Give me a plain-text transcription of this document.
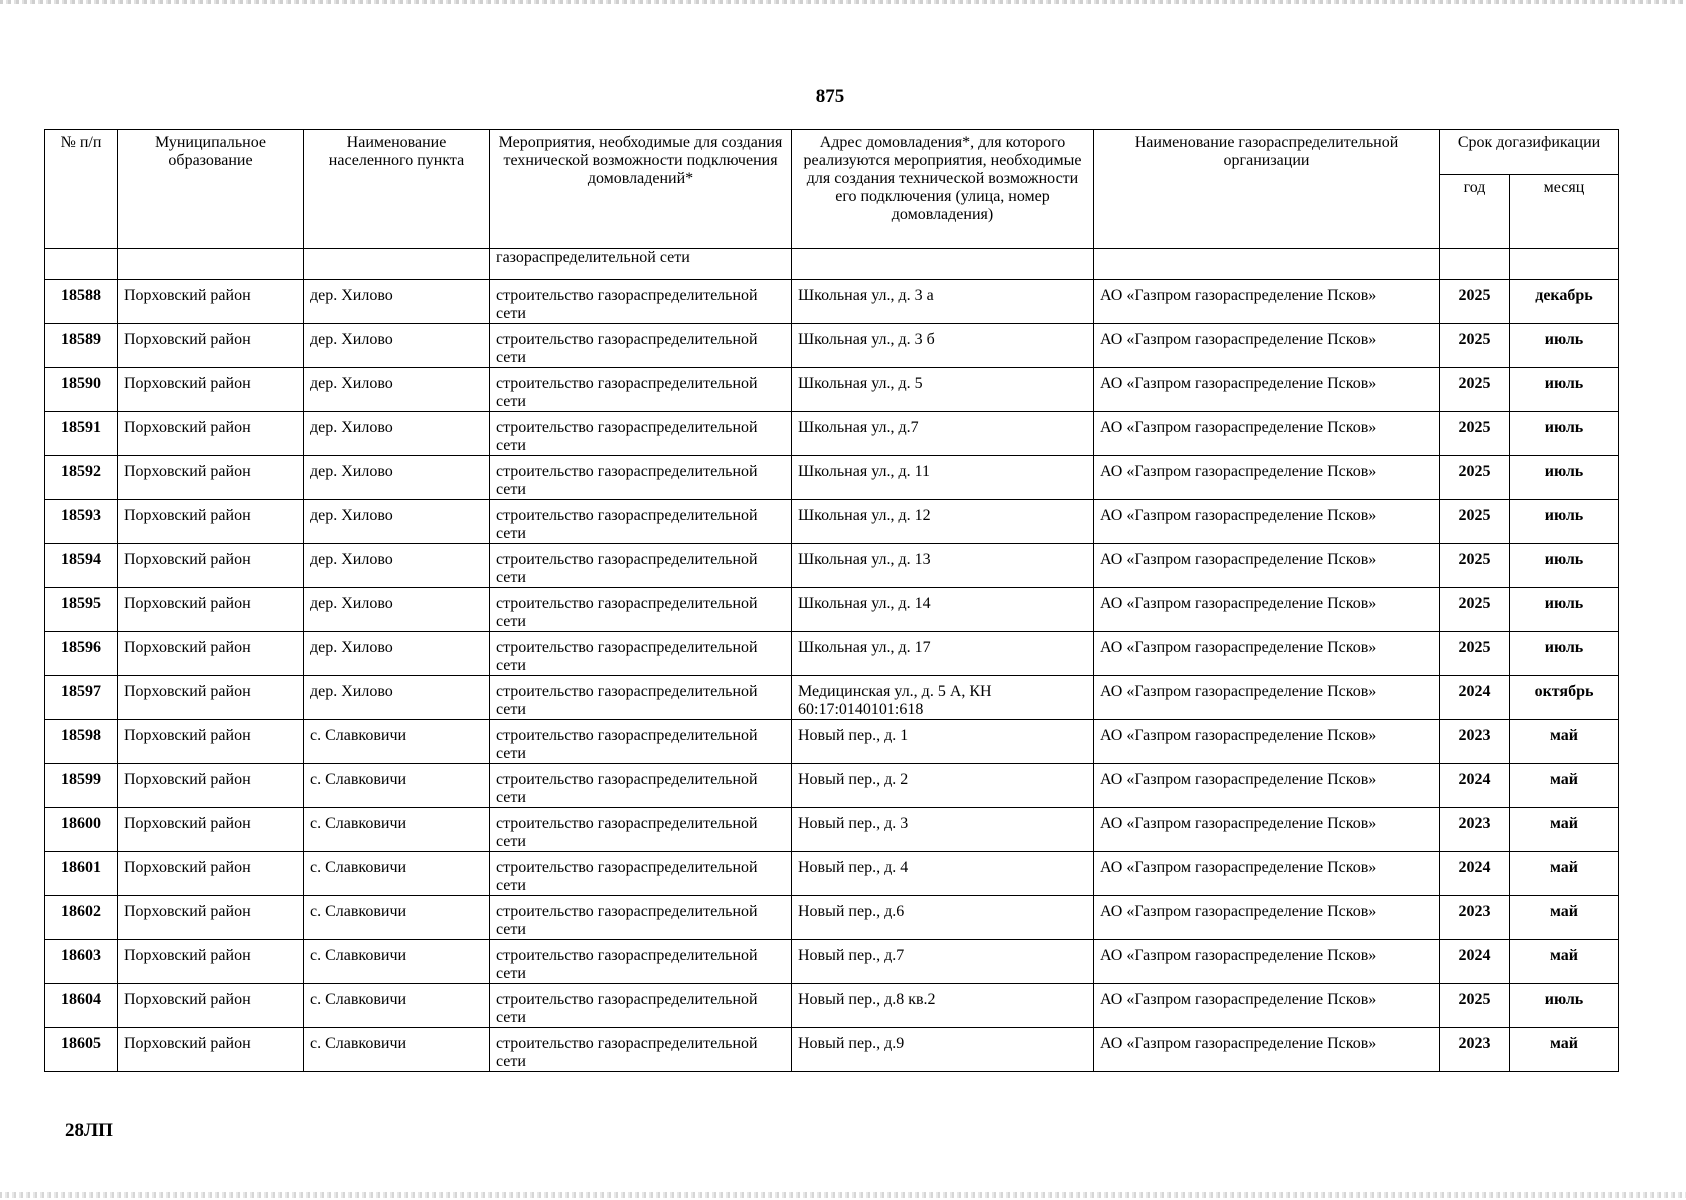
875
№ п/п	Муниципальное образование	Наименование населенного пункта	Мероприятия, необходимые для создания технической возможности подключения домовладений*	Адрес домовладения*, для которого реализуются мероприятия, необходимые для создания технической возможности его подключения (улица, номер домовладения)	Наименование газораспределительной организации	Срок догазификации	
						год	месяц
			газораспределительной сети				
18588	Порховский район	дер. Хилово	строительство газораспределительной сети	Школьная ул., д. 3 а	АО «Газпром газораспределение Псков»	2025	декабрь
18589	Порховский район	дер. Хилово	строительство газораспределительной сети	Школьная ул., д. 3 б	АО «Газпром газораспределение Псков»	2025	июль
18590	Порховский район	дер. Хилово	строительство газораспределительной сети	Школьная ул., д. 5	АО «Газпром газораспределение Псков»	2025	июль
18591	Порховский район	дер. Хилово	строительство газораспределительной сети	Школьная ул., д.7	АО «Газпром газораспределение Псков»	2025	июль
18592	Порховский район	дер. Хилово	строительство газораспределительной сети	Школьная ул., д. 11	АО «Газпром газораспределение Псков»	2025	июль
18593	Порховский район	дер. Хилово	строительство газораспределительной сети	Школьная ул., д. 12	АО «Газпром газораспределение Псков»	2025	июль
18594	Порховский район	дер. Хилово	строительство газораспределительной сети	Школьная ул., д. 13	АО «Газпром газораспределение Псков»	2025	июль
18595	Порховский район	дер. Хилово	строительство газораспределительной сети	Школьная ул., д. 14	АО «Газпром газораспределение Псков»	2025	июль
18596	Порховский район	дер. Хилово	строительство газораспределительной сети	Школьная ул., д. 17	АО «Газпром газораспределение Псков»	2025	июль
18597	Порховский район	дер. Хилово	строительство газораспределительной сети	Медицинская ул., д. 5 А, КН 60:17:0140101:618	АО «Газпром газораспределение Псков»	2024	октябрь
18598	Порховский район	с. Славковичи	строительство газораспределительной сети	Новый пер., д. 1	АО «Газпром газораспределение Псков»	2023	май
18599	Порховский район	с. Славковичи	строительство газораспределительной сети	Новый пер., д. 2	АО «Газпром газораспределение Псков»	2024	май
18600	Порховский район	с. Славковичи	строительство газораспределительной сети	Новый пер., д. 3	АО «Газпром газораспределение Псков»	2023	май
18601	Порховский район	с. Славковичи	строительство газораспределительной сети	Новый пер., д. 4	АО «Газпром газораспределение Псков»	2024	май
18602	Порховский район	с. Славковичи	строительство газораспределительной сети	Новый пер., д.6	АО «Газпром газораспределение Псков»	2023	май
18603	Порховский район	с. Славковичи	строительство газораспределительной сети	Новый пер., д.7	АО «Газпром газораспределение Псков»	2024	май
18604	Порховский район	с. Славковичи	строительство газораспределительной сети	Новый пер., д.8 кв.2	АО «Газпром газораспределение Псков»	2025	июль
18605	Порховский район	с. Славковичи	строительство газораспределительной сети	Новый пер., д.9	АО «Газпром газораспределение Псков»	2023	май
28ЛП
